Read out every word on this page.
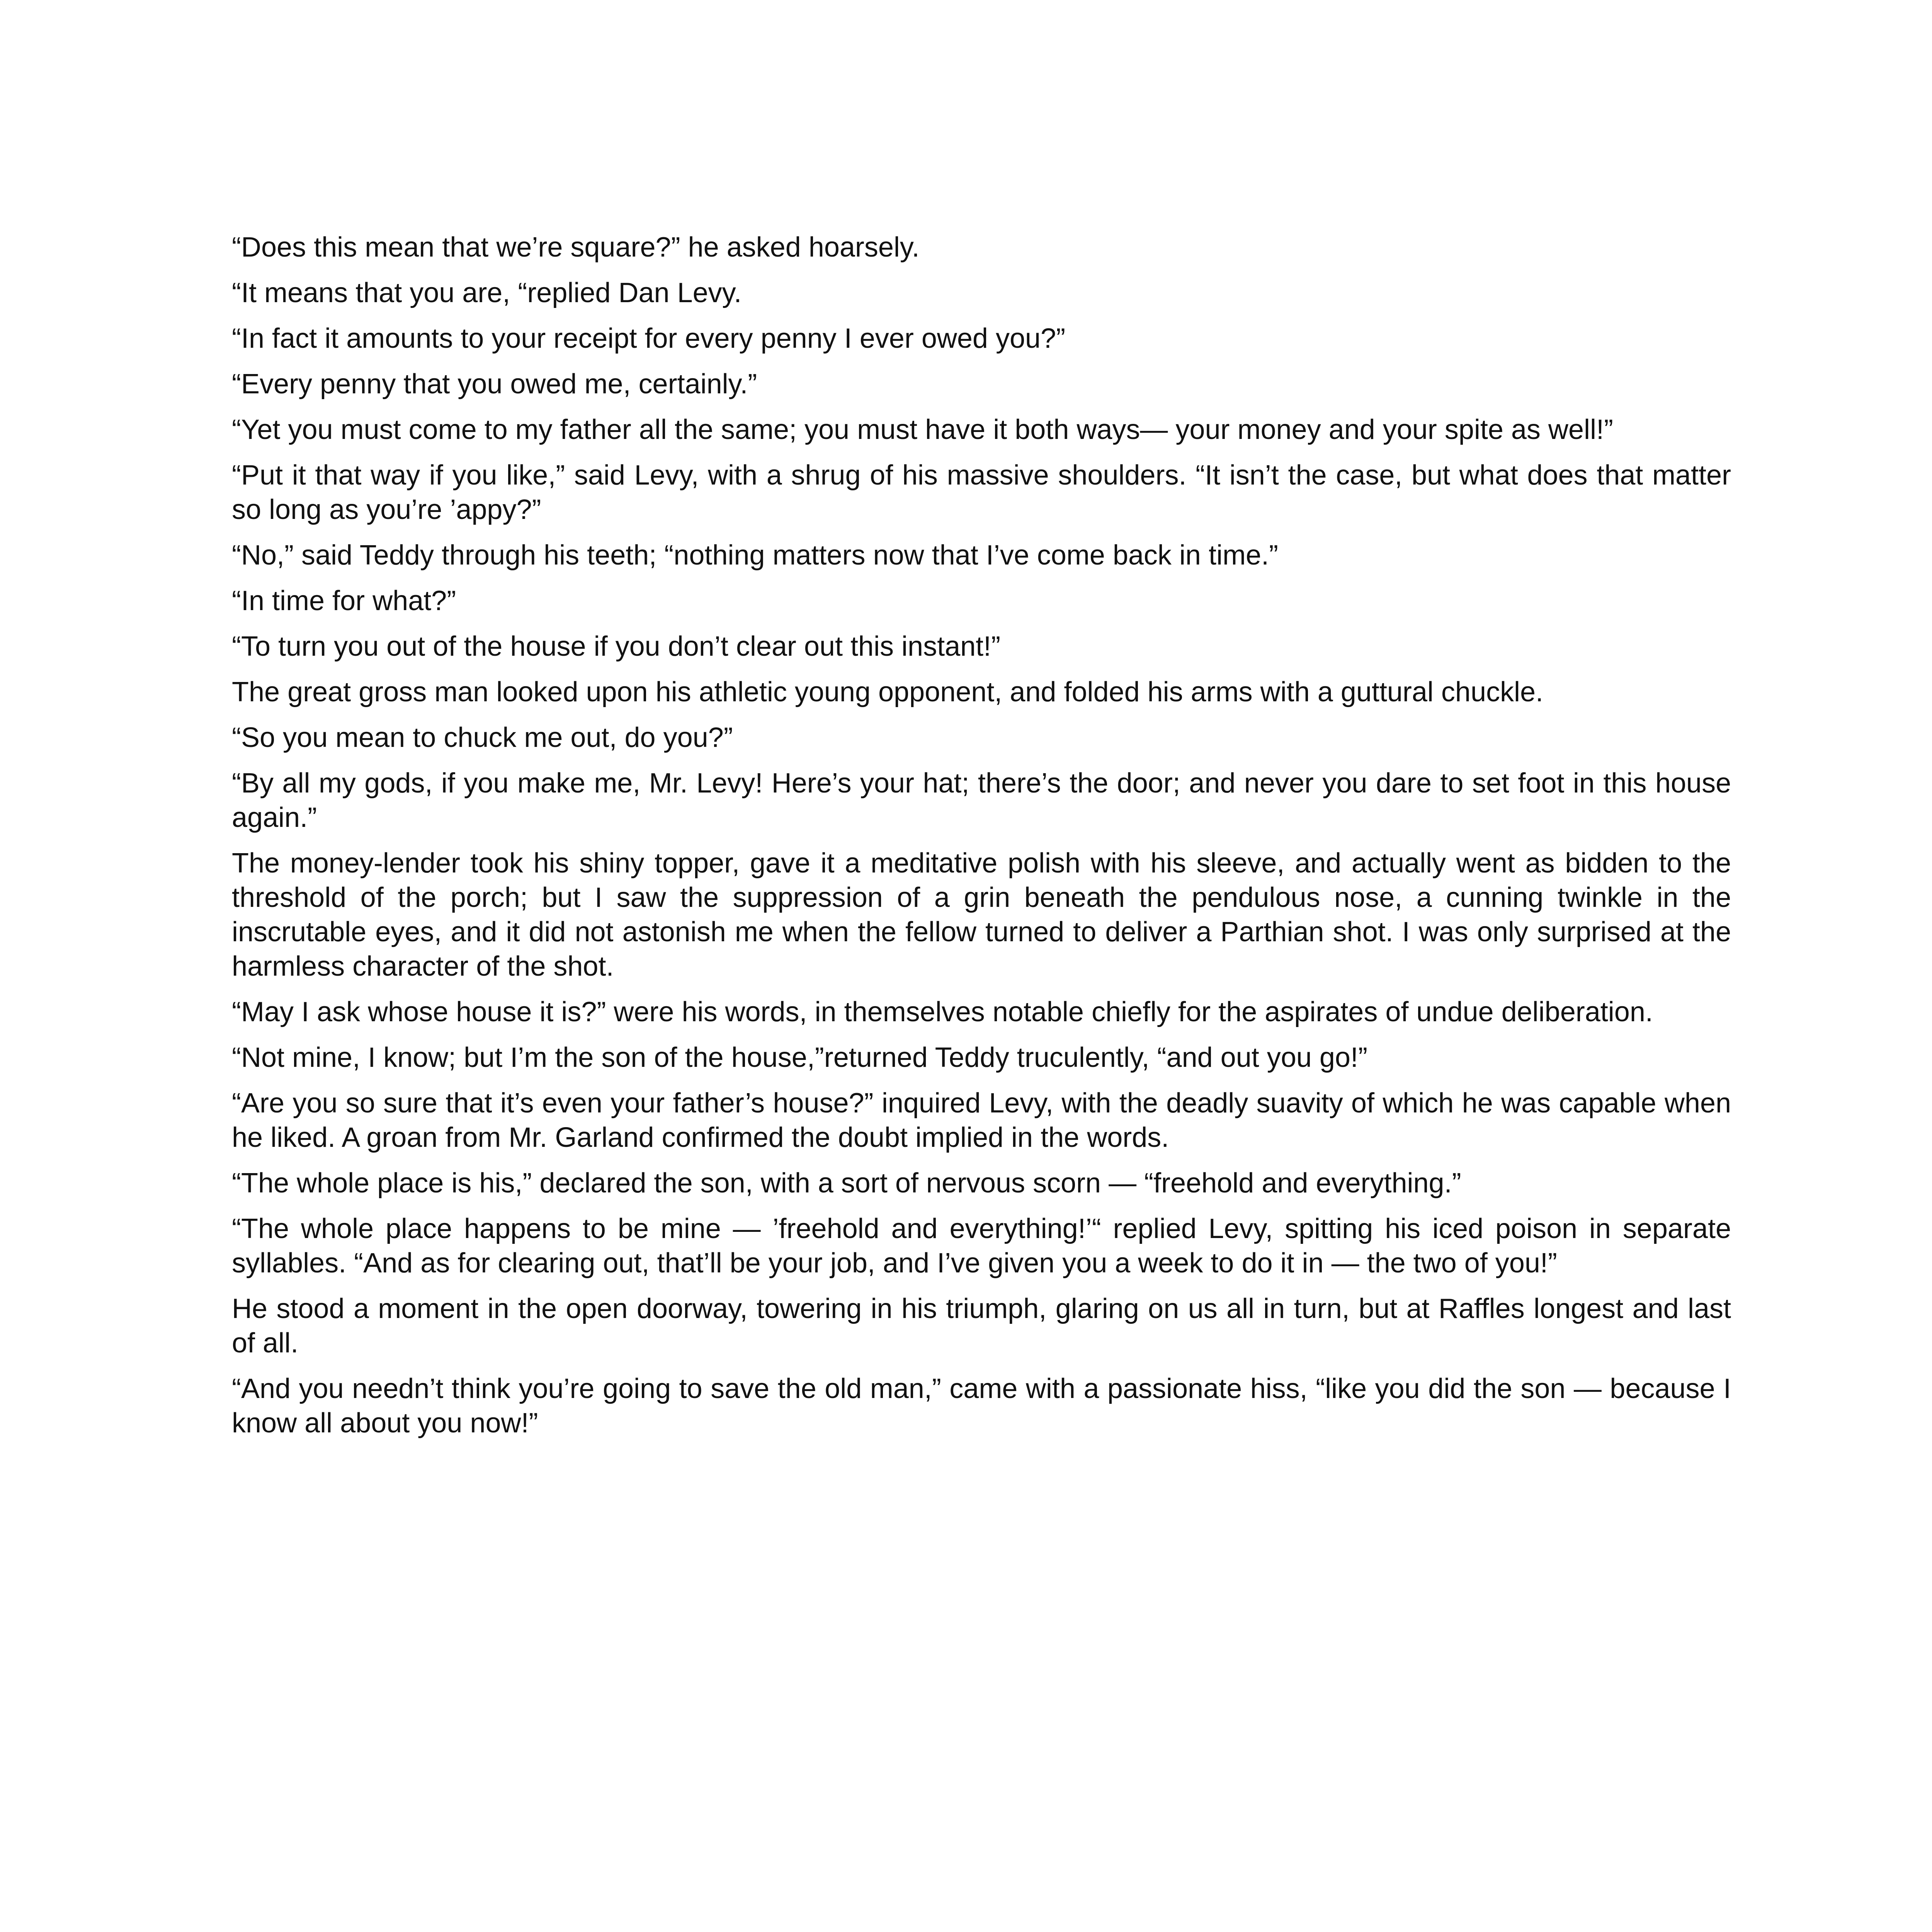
“Does this mean that we’re square?” he asked hoarsely.

“It means that you are, “replied Dan Levy.

“In fact it amounts to your receipt for every penny I ever owed you?”

“Every penny that you owed me, certainly.”

“Yet you must come to my father all the same; you must have it both ways— your money and your spite as well!”

“Put it that way if you like,” said Levy, with a shrug of his massive shoulders. “It isn’t the case, but what does that matter so long as you’re ’appy?”

“No,” said Teddy through his teeth; “nothing matters now that I’ve come back in time.”

“In time for what?”

“To turn you out of the house if you don’t clear out this instant!”

The great gross man looked upon his athletic young opponent, and folded his arms with a guttural chuckle.

“So you mean to chuck me out, do you?”

“By all my gods, if you make me, Mr. Levy! Here’s your hat; there’s the door; and never you dare to set foot in this house again.”

The money-lender took his shiny topper, gave it a meditative polish with his sleeve, and actually went as bidden to the threshold of the porch; but I saw the suppression of a grin beneath the pendulous nose, a cunning twinkle in the inscrutable eyes, and it did not astonish me when the fellow turned to deliver a Parthian shot. I was only surprised at the harmless character of the shot.

“May I ask whose house it is?” were his words, in themselves notable chiefly for the aspirates of undue deliberation.

“Not mine, I know; but I’m the son of the house,”returned Teddy truculently, “and out you go!”

“Are you so sure that it’s even your father’s house?” inquired Levy, with the deadly suavity of which he was capable when he liked. A groan from Mr. Garland confirmed the doubt implied in the words.

“The whole place is his,” declared the son, with a sort of nervous scorn — “freehold and everything.”

“The whole place happens to be mine — ’freehold and everything!’“ replied Levy, spitting his iced poison in separate syllables. “And as for clearing out, that’ll be your job, and I’ve given you a week to do it in — the two of you!”

He stood a moment in the open doorway, towering in his triumph, glaring on us all in turn, but at Raffles longest and last of all.

“And you needn’t think you’re going to save the old man,” came with a passionate hiss, “like you did the son — because I know all about you now!”
